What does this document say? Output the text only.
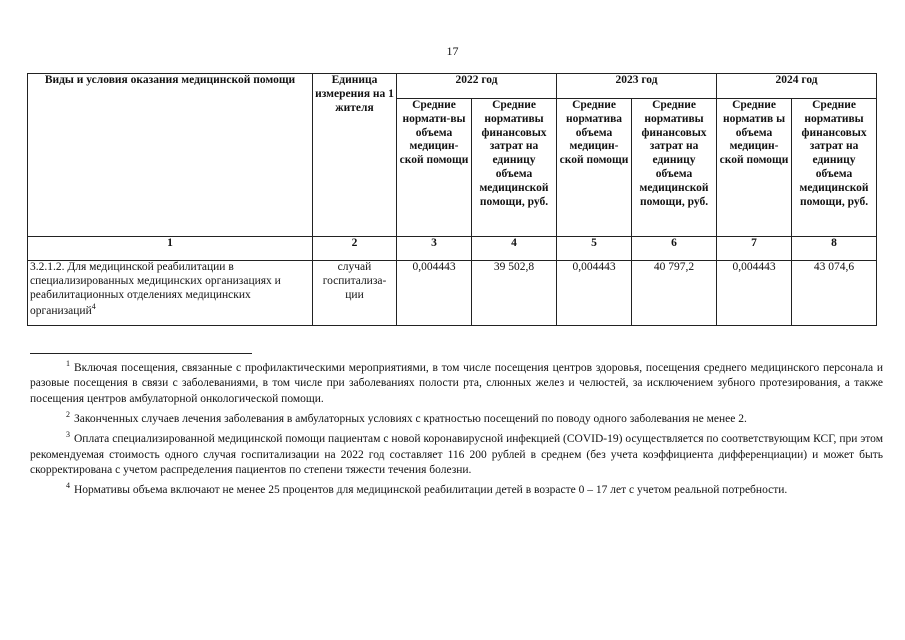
17
Виды и условия оказания медицинской помощи	Единица измерения на 1 жителя	2022 год		2023 год		2024 год	
		Средние нормати-вы объема медицин-ской помощи	Средние нормативы финансовых затрат на единицу объема медицинской помощи, руб.	Средние норматива объема медицин-ской помощи	Средние нормативы финансовых затрат на единицу объема медицинской помощи, руб.	Средние норматив ы объема медицин-ской помощи	Средние нормативы финансовых затрат на единицу объема медицинской помощи, руб.
1	2	3	4	5	6	7	8
3.2.1.2. Для медицинской реабилитации в специализированных медицинских организациях и реабилитационных отделениях медицинских организаций$^4$	случай госпитализа-ции	0,004443	39 502,8	0,004443	40 797,2	0,004443	43 074,6

$^1$ Включая посещения, связанные с профилактическими мероприятиями, в том числе посещения центров здоровья, посещения среднего медицинского персонала и разовые посещения в связи с заболеваниями, в том числе при заболеваниях полости рта, слюнных желез и челюстей, за исключением зубного протезирования, а также посещения центров амбулаторной онкологической помощи.

$^2$ Законченных случаев лечения заболевания в амбулаторных условиях с кратностью посещений по поводу одного заболевания не менее 2.

$^3$ Оплата специализированной медицинской помощи пациентам с новой коронавирусной инфекцией (COVID-19) осуществляется по соответствующим КСГ, при этом рекомендуемая стоимость одного случая госпитализации на 2022 год составляет 116 200 рублей в среднем (без учета коэффициента дифференциации) и может быть скорректирована с учетом распределения пациентов по степени тяжести течения болезни.

$^4$ Нормативы объема включают не менее 25 процентов для медицинской реабилитации детей в возрасте 0 – 17 лет с учетом реальной потребности.
